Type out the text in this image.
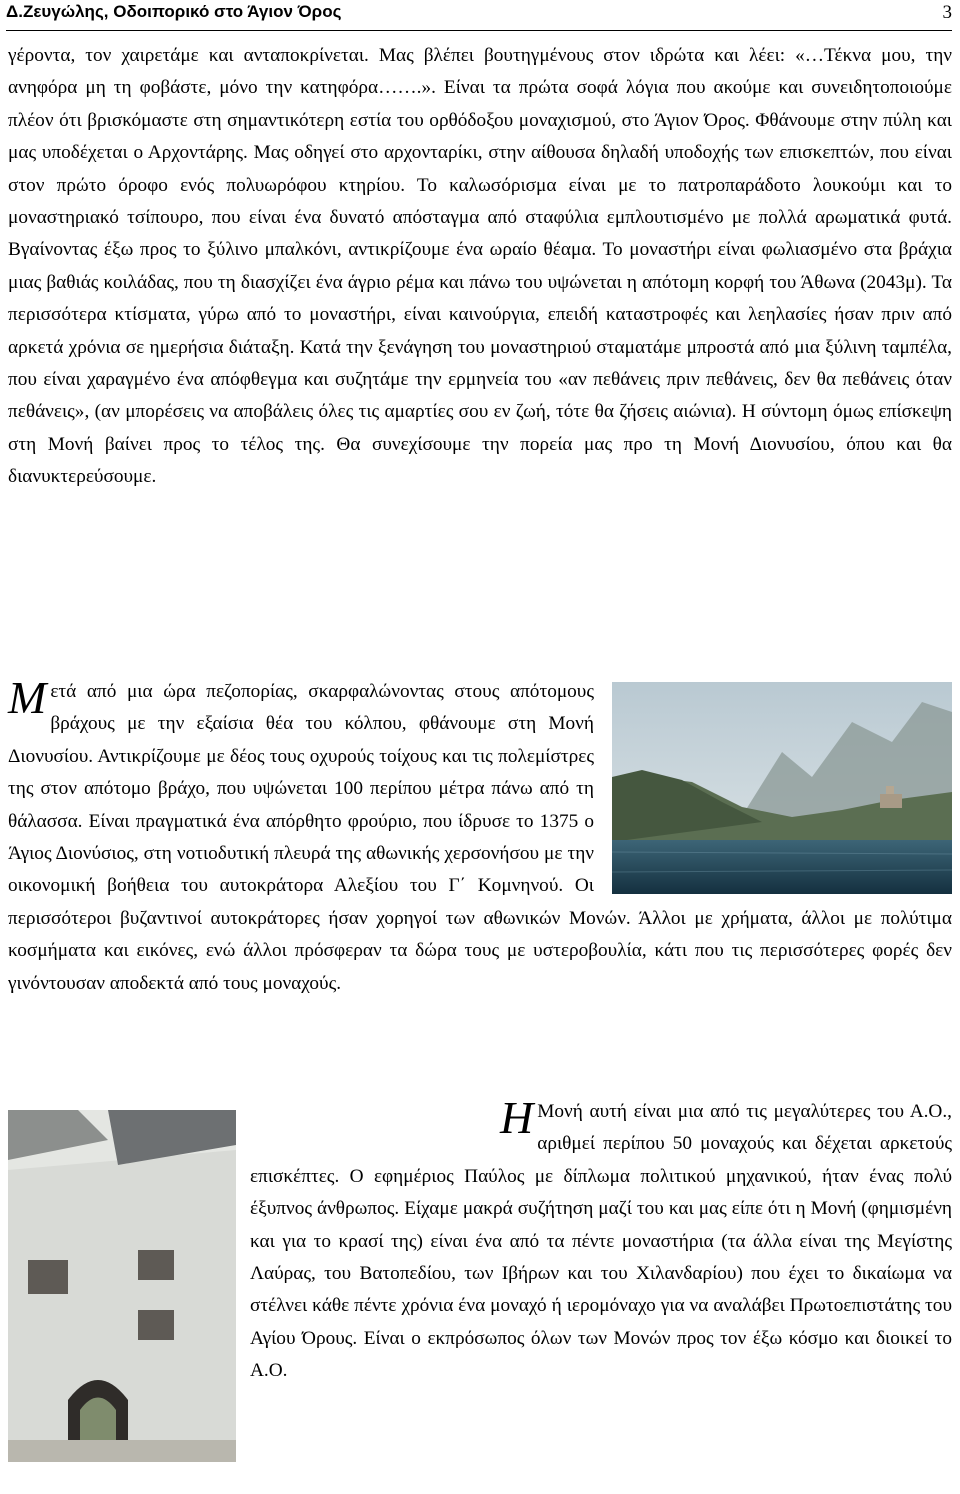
Δ.Ζευγώλης, Οδοιπορικό στο Άγιον Όρος	3

γέροντα, τον χαιρετάμε και ανταποκρίνεται. Μας βλέπει βουτηγμένους στον ιδρώτα και λέει: «…Τέκνα μου, την ανηφόρα μη τη φοβάστε, μόνο την κατηφόρα…….». Είναι τα πρώτα σοφά λόγια που ακούμε και συνειδητοποιούμε πλέον ότι βρισκόμαστε στη σημαντικότερη εστία του ορθόδοξου μοναχισμού, στο Άγιον Όρος. Φθάνουμε στην πύλη και μας υποδέχεται ο Αρχοντάρης. Μας οδηγεί στο αρχονταρίκι, στην αίθουσα δηλαδή υποδοχής των επισκεπτών, που είναι στον πρώτο όροφο ενός πολυωρόφου κτηρίου. Το καλωσόρισμα είναι με το πατροπαράδοτο λουκούμι και το μοναστηριακό τσίπουρο, που είναι ένα δυνατό απόσταγμα από σταφύλια εμπλουτισμένο με πολλά αρωματικά φυτά. Βγαίνοντας έξω προς το ξύλινο μπαλκόνι, αντικρίζουμε ένα ωραίο θέαμα. Το μοναστήρι είναι φωλιασμένο στα βράχια μιας βαθιάς κοιλάδας, που τη διασχίζει ένα άγριο ρέμα και πάνω του υψώνεται η απότομη κορφή του Άθωνα (2043μ). Τα περισσότερα κτίσματα, γύρω από το μοναστήρι, είναι καινούργια, επειδή καταστροφές και λεηλασίες ήσαν πριν από αρκετά χρόνια σε ημερήσια διάταξη. Κατά την ξενάγηση του μοναστηριού σταματάμε μπροστά από μια ξύλινη ταμπέλα, που είναι χαραγμένο ένα απόφθεγμα και συζητάμε την ερμηνεία του «αν πεθάνεις πριν πεθάνεις, δεν θα πεθάνεις όταν πεθάνεις», (αν μπορέσεις να αποβάλεις όλες τις αμαρτίες σου εν ζωή, τότε θα ζήσεις αιώνια). Η σύντομη όμως επίσκεψη στη Μονή βαίνει προς το τέλος της. Θα συνεχίσουμε την πορεία μας προ τη Μονή Διονυσίου, όπου και θα διανυκτερεύσουμε.

Μετά από μια ώρα πεζοπορίας, σκαρφαλώνοντας στους απότομους βράχους με την εξαίσια θέα του κόλπου, φθάνουμε στη Μονή Διονυσίου. Αντικρίζουμε με δέος τους οχυρούς τοίχους και τις πολεμίστρες της στον απότομο βράχο, που υψώνεται 100 περίπου μέτρα πάνω από τη θάλασσα. Είναι πραγματικά ένα απόρθητο φρούριο, που ίδρυσε το 1375 ο Άγιος Διονύσιος, στη νοτιοδυτική πλευρά της αθωνικής χερσονήσου με την οικονομική βοήθεια του αυτοκράτορα Αλεξίου του Γ΄ Κομνηνού. Οι περισσότεροι βυζαντινοί αυτοκράτορες ήσαν χορηγοί των αθωνικών Μονών. Άλλοι με χρήματα, άλλοι με πολύτιμα κοσμήματα και εικόνες, ενώ άλλοι πρόσφεραν τα δώρα τους με υστεροβουλία, κάτι που τις περισσότερες φορές δεν γινόντουσαν αποδεκτά από τους μοναχούς.
Η Μονή αυτή είναι μια από τις μεγαλύτερες του Α.Ο., αριθμεί περίπου 50 μοναχούς και δέχεται αρκετούς επισκέπτες. Ο εφημέριος Παύλος με δίπλωμα πολιτικού μηχανικού, ήταν ένας πολύ έξυπνος άνθρωπος. Είχαμε μακρά συζήτηση μαζί του και μας είπε ότι η Μονή (φημισμένη και για το κρασί της) είναι ένα από τα πέντε μοναστήρια (τα άλλα είναι της Μεγίστης Λαύρας, του Βατοπεδίου, των Ιβήρων και του Χιλανδαρίου) που έχει το δικαίωμα να στέλνει κάθε πέντε χρόνια ένα μοναχό ή ιερομόναχο για να αναλάβει Πρωτοεπιστάτης του Αγίου Όρους. Είναι ο εκπρόσωπος όλων των Μονών προς τον έξω κόσμο και διοικεί το Α.Ο.
